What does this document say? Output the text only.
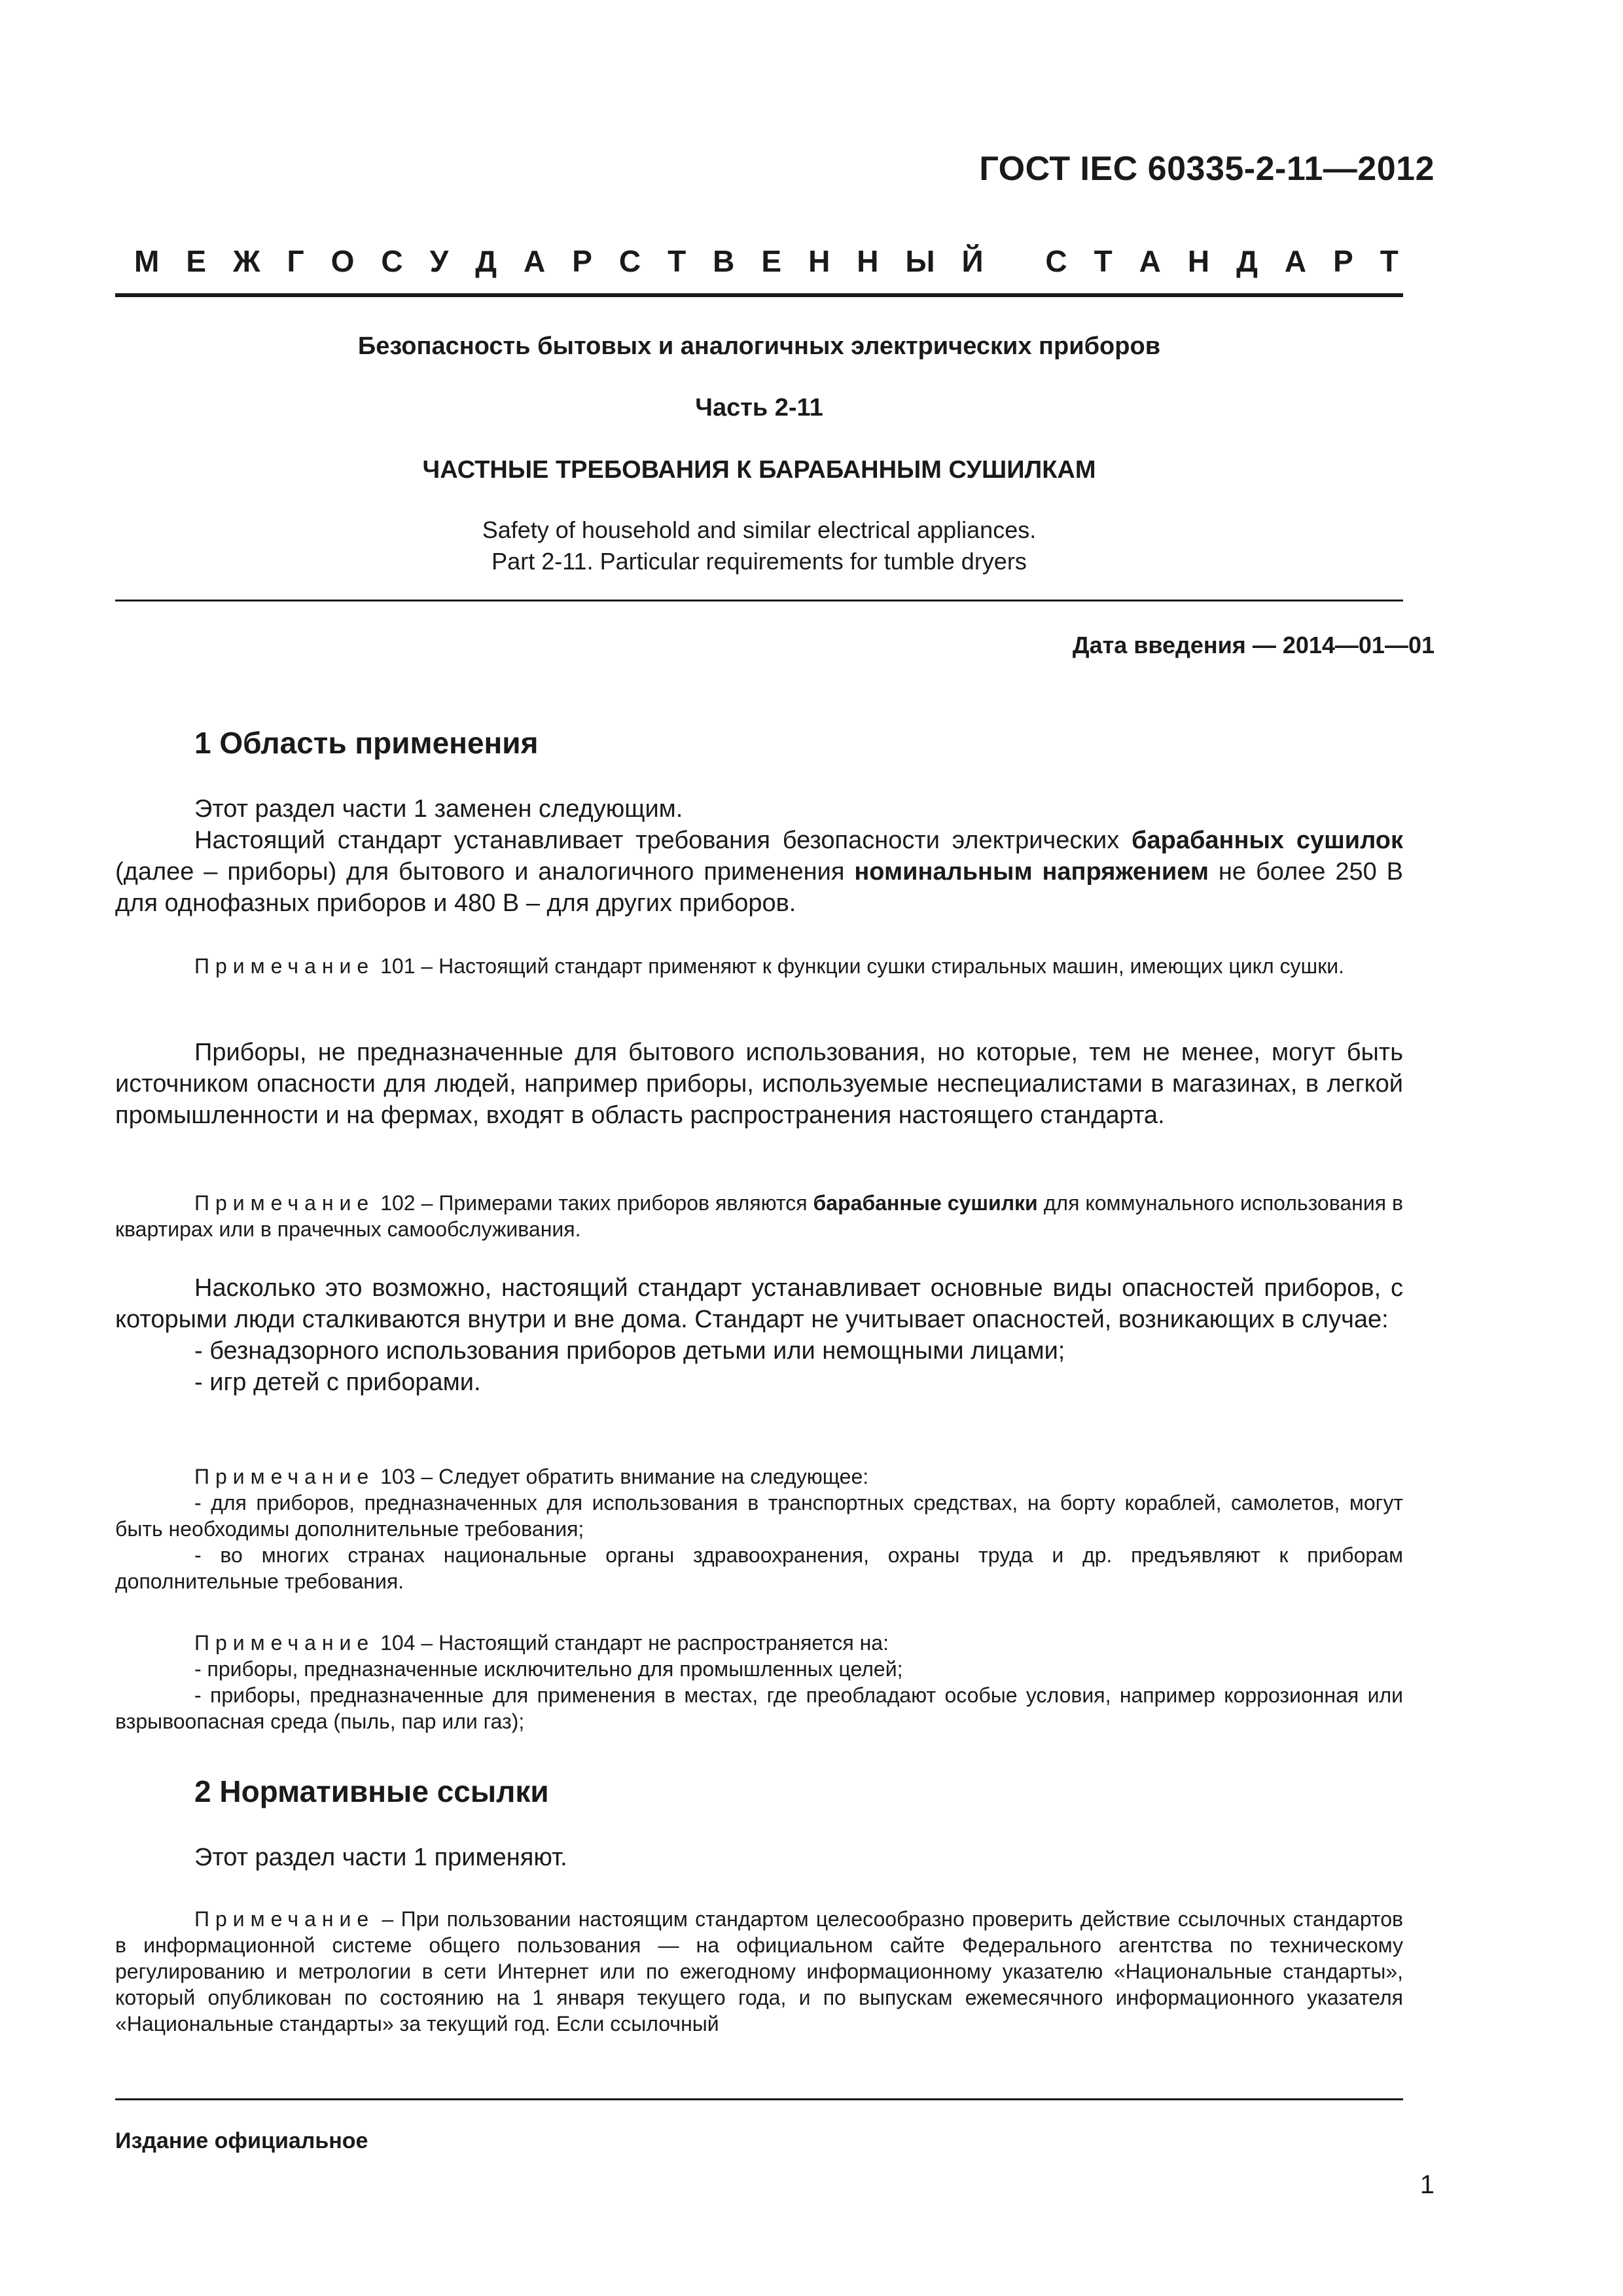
ГОСТ IEC 60335-2-11—2012
М Е Ж Г О С У Д А Р С Т В Е Н Н Ы Й
С Т А Н Д А Р Т
Безопасность бытовых и аналогичных электрических приборов
Часть 2-11
ЧАСТНЫЕ ТРЕБОВАНИЯ К БАРАБАННЫМ СУШИЛКАМ
Safety of household and similar electrical appliances.
Part 2-11. Particular requirements for tumble dryers
Дата введения — 2014—01—01
1 Область применения

Этот раздел части 1 заменен следующим.

Настоящий стандарт устанавливает требования безопасности электрических барабанных сушилок (далее – приборы) для бытового и аналогичного применения номинальным напряжением не более 250 В для однофазных приборов и 480 В – для других приборов.

Примечание 101 – Настоящий стандарт применяют к функции сушки стиральных машин, имеющих цикл сушки.

Приборы, не предназначенные для бытового использования, но которые, тем не менее, могут быть источником опасности для людей, например приборы, используемые неспециалистами в магазинах, в легкой промышленности и на фермах, входят в область распространения настоящего стандарта.

Примечание 102 – Примерами таких приборов являются барабанные сушилки для коммунального использования в квартирах или в прачечных самообслуживания.

Насколько это возможно, настоящий стандарт устанавливает основные виды опасностей приборов, с которыми люди сталкиваются внутри и вне дома. Стандарт не учитывает опасностей, возникающих в случае:

- безнадзорного использования приборов детьми или немощными лицами;

- игр детей с приборами.

Примечание 103 – Следует обратить внимание на следующее:

- для приборов, предназначенных для использования в транспортных средствах, на борту кораблей, самолетов, могут быть необходимы дополнительные требования;

- во многих странах национальные органы здравоохранения, охраны труда и др. предъявляют к приборам дополнительные требования.

Примечание 104 – Настоящий стандарт не распространяется на:

- приборы, предназначенные исключительно для промышленных целей;

- приборы, предназначенные для применения в местах, где преобладают особые условия, например коррозионная или взрывоопасная среда (пыль, пар или газ);

2 Нормативные ссылки
Этот раздел части 1 применяют.

Примечание – При пользовании настоящим стандартом целесообразно проверить действие ссылочных стандартов в информационной системе общего пользования — на официальном сайте Федерального агентства по техническому регулированию и метрологии в сети Интернет или по ежегодному информационному указателю «Национальные стандарты», который опубликован по состоянию на 1 января текущего года, и по выпускам ежемесячного информационного указателя «Национальные стандарты» за текущий год. Если ссылочный

Издание официальное
1
